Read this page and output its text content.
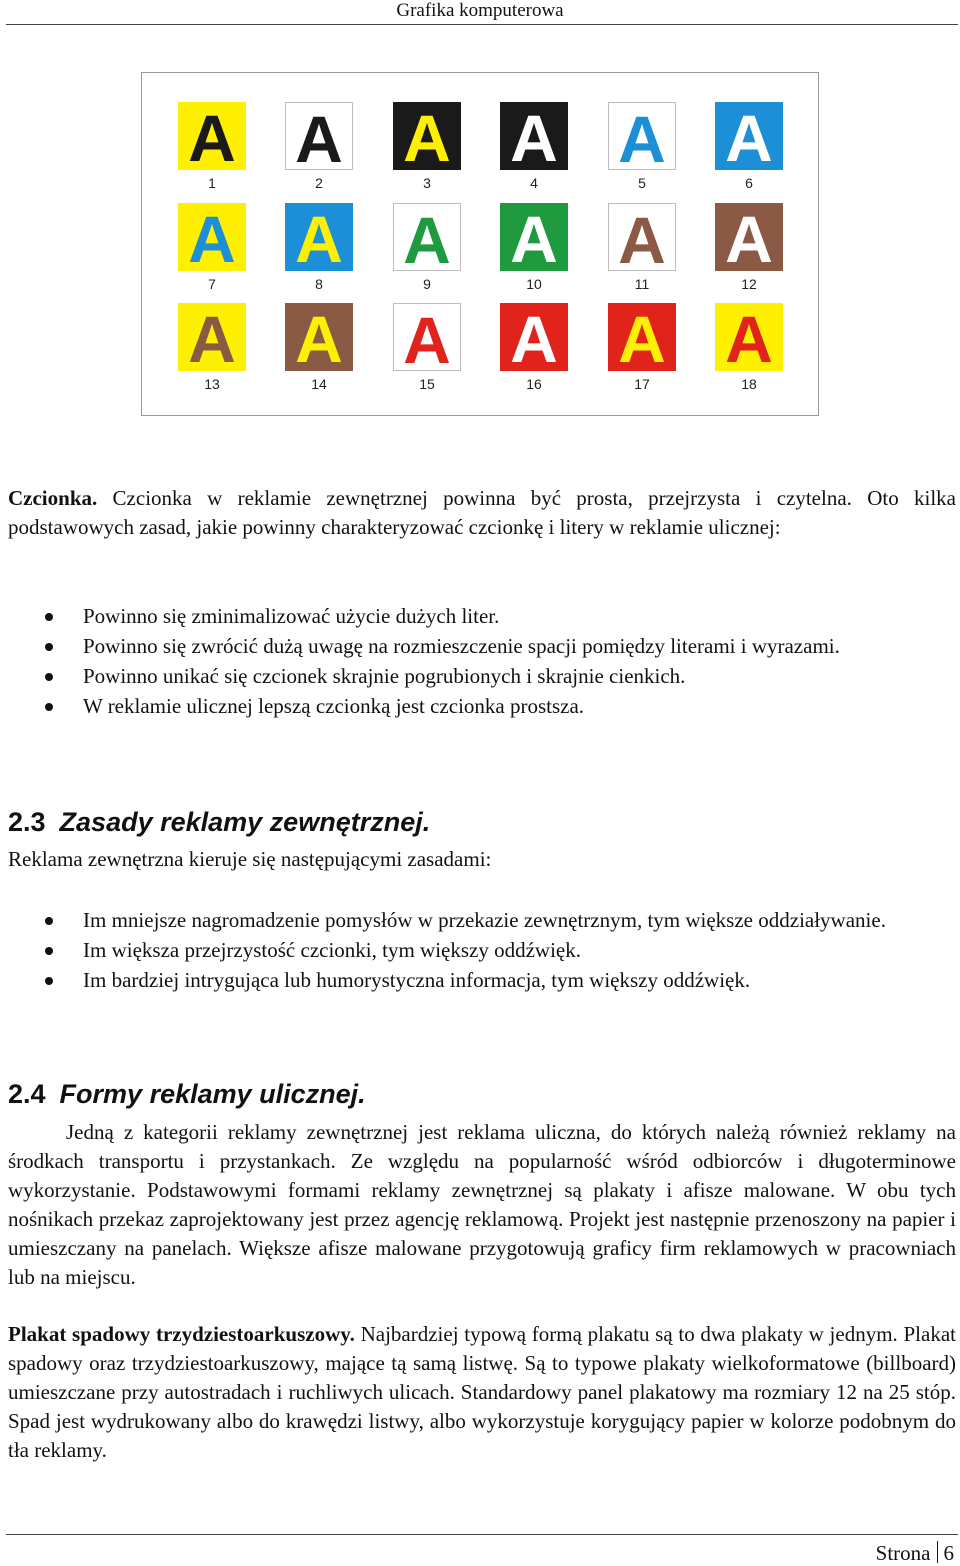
Grafika komputerowa
A
1
A
2
A
3
A
4
A
5
A
6
A
7
A
8
A
9
A
10
A
11
A
12
A
13
A
14
A
15
A
16
A
17
A
18
Czcionka. Czcionka w reklamie zewnętrznej powinna być prosta, przejrzysta i czytelna. Oto kilka podstawowych zasad, jakie powinny charakteryzować czcionkę i litery w reklamie ulicznej:
Powinno się zminimalizować użycie dużych liter.
Powinno się zwrócić dużą uwagę na rozmieszczenie spacji pomiędzy literami i wyrazami.
Powinno unikać się czcionek skrajnie pogrubionych i skrajnie cienkich.
W reklamie ulicznej lepszą czcionką jest czcionka prostsza.
2.3 Zasady reklamy zewnętrznej.
Reklama zewnętrzna kieruje się następującymi zasadami:
Im mniejsze nagromadzenie pomysłów w przekazie zewnętrznym, tym większe oddziaływanie.
Im większa przejrzystość czcionki, tym większy oddźwięk.
Im bardziej intrygująca lub humorystyczna informacja, tym większy oddźwięk.
2.4 Formy reklamy ulicznej.
Jedną z kategorii reklamy zewnętrznej jest reklama uliczna, do których należą również reklamy na środkach transportu i przystankach. Ze względu na popularność wśród odbiorców i długoterminowe wykorzystanie. Podstawowymi formami reklamy zewnętrznej są plakaty i afisze malowane. W obu tych nośnikach przekaz zaprojektowany jest przez agencję reklamową. Projekt jest następnie przenoszony na papier i umieszczany na panelach. Większe afisze malowane przygotowują graficy firm reklamowych w pracowniach lub na miejscu.
Plakat spadowy trzydziestoarkuszowy. Najbardziej typową formą plakatu są to dwa plakaty w jednym. Plakat spadowy oraz trzydziestoarkuszowy, mające tą samą listwę. Są to typowe plakaty wielkoformatowe (billboard) umieszczane przy autostradach i ruchliwych ulicach. Standardowy panel plakatowy ma rozmiary 12 na 25 stóp. Spad jest wydrukowany albo do krawędzi listwy, albo wykorzystuje korygujący papier w kolorze podobnym do tła reklamy.
Strona 6
